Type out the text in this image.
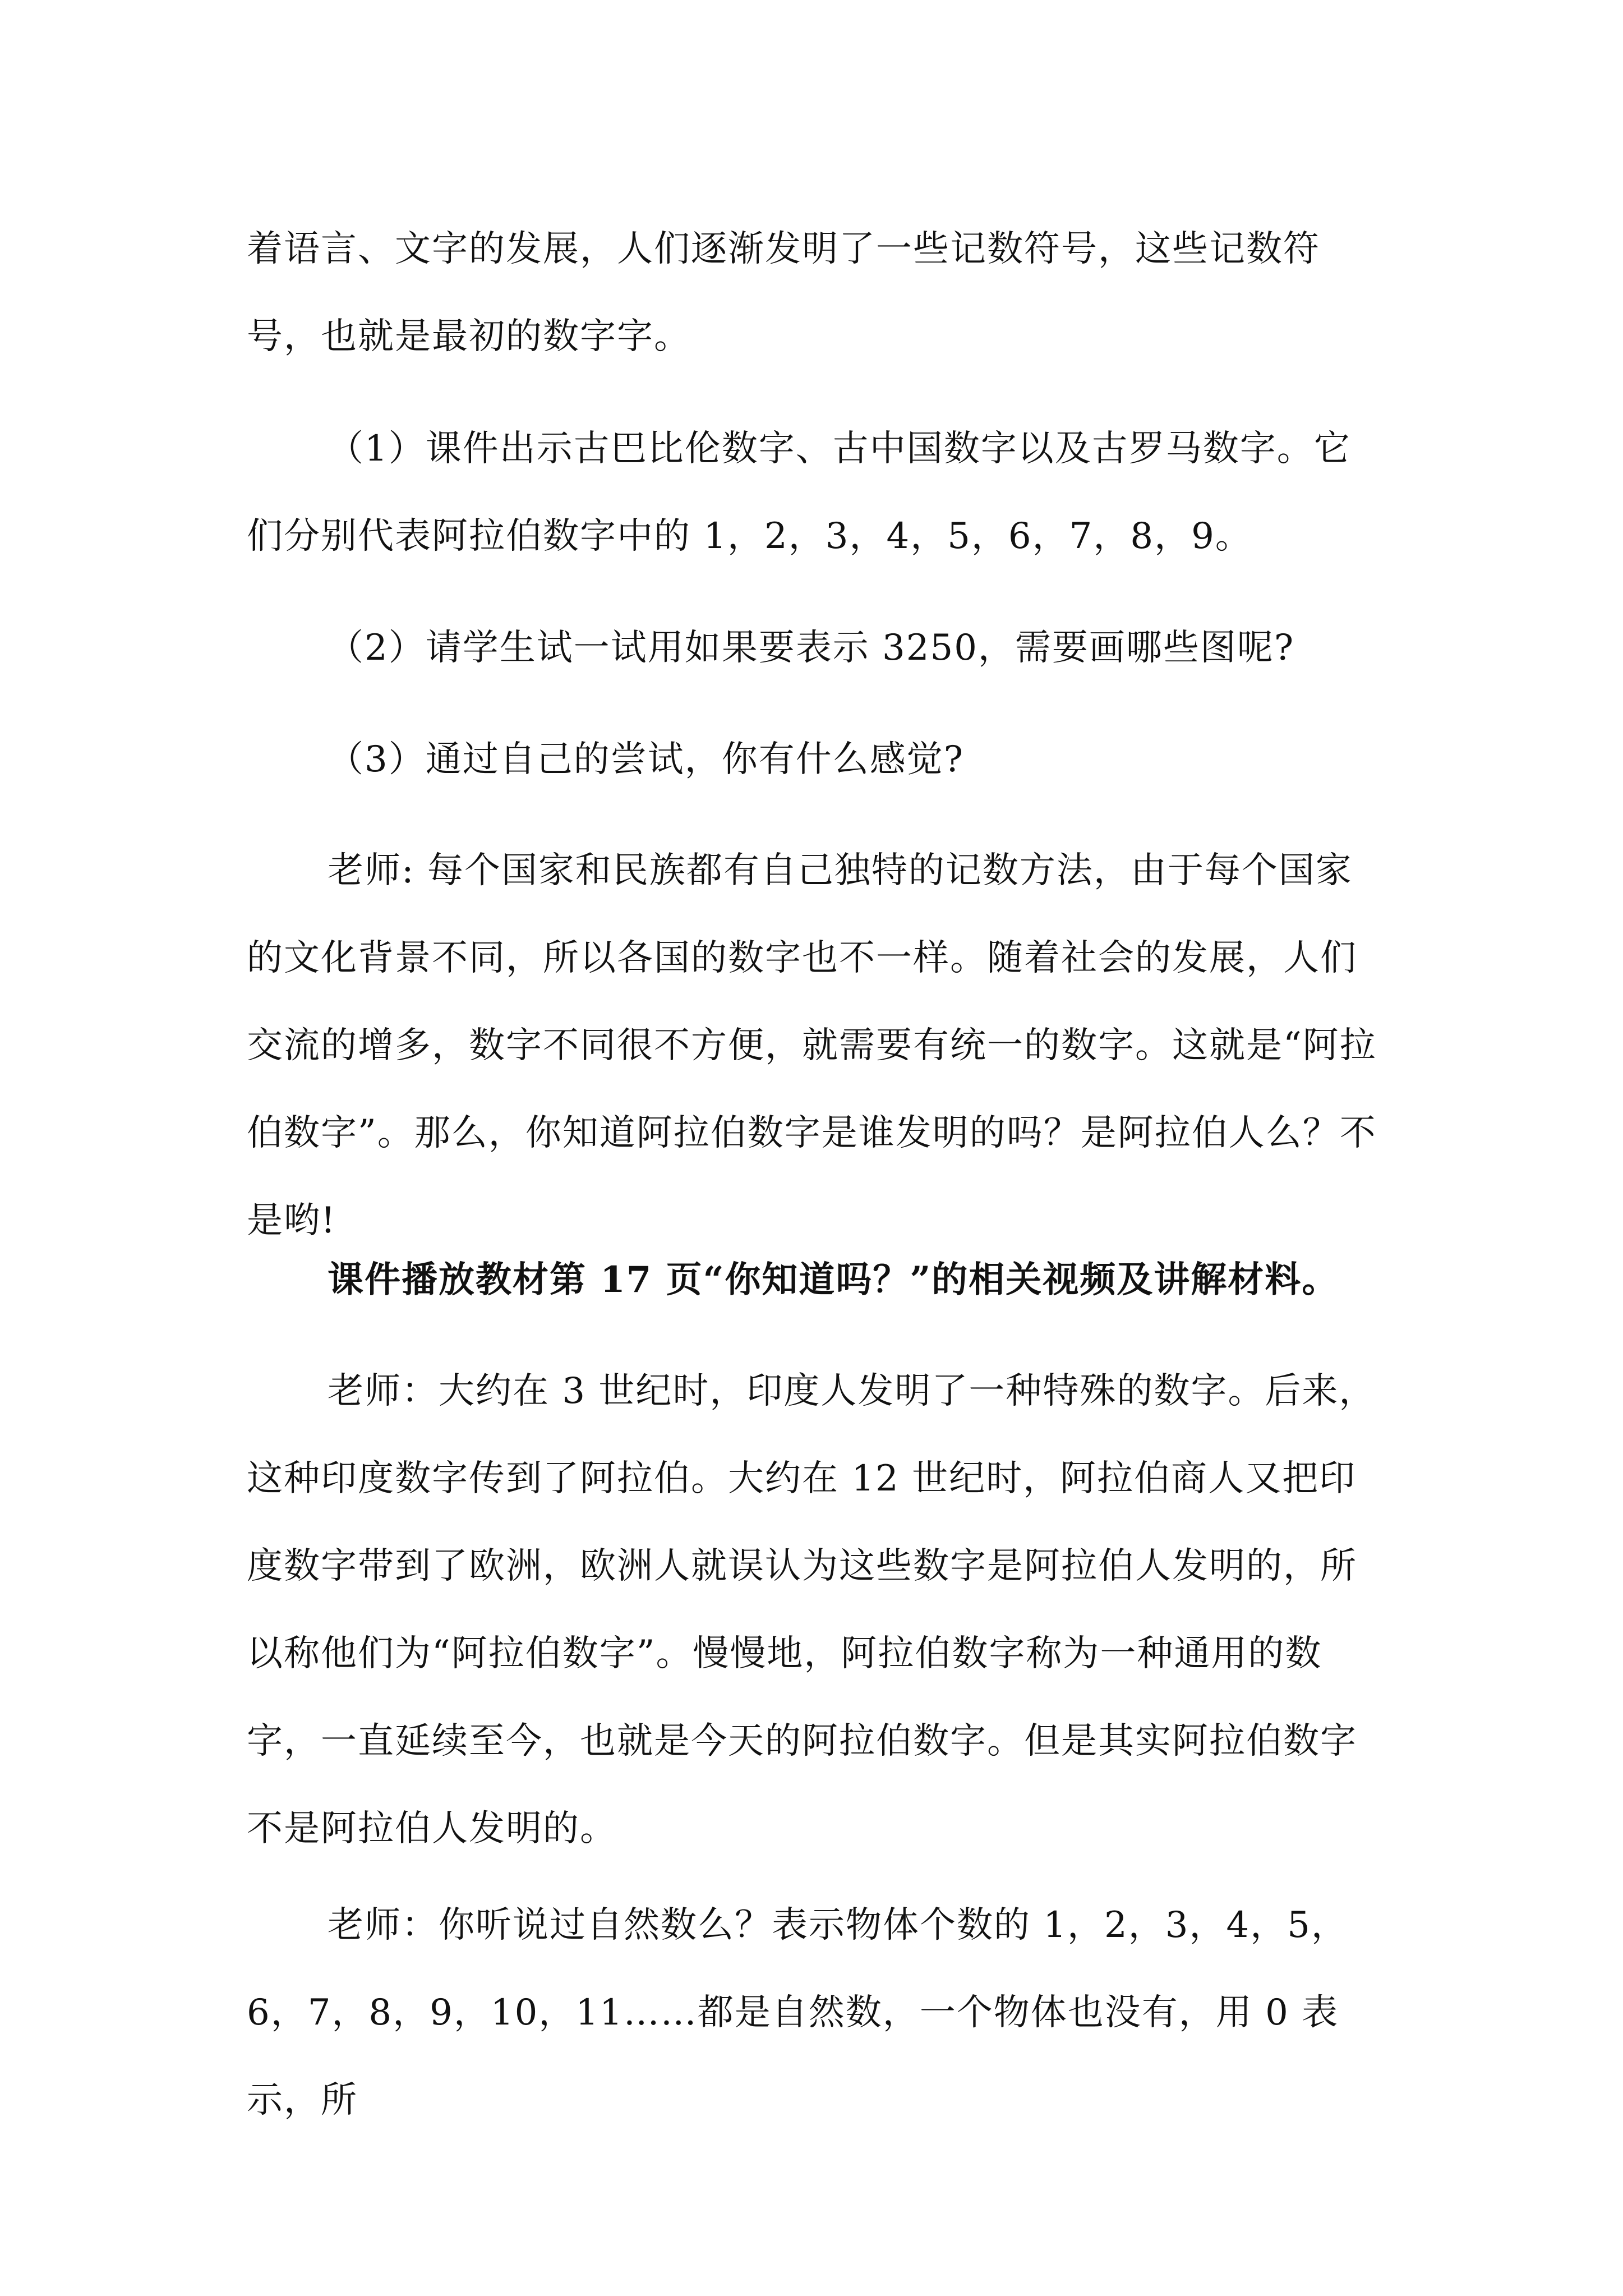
着语言、文字的发展，人们逐渐发明了一些记数符号，这些记数符号，也就是最初的数字字。

（1）课件出示古巴比伦数字、古中国数字以及古罗马数字。它们分别代表阿拉伯数字中的 1，2，3，4，5，6，7，8，9。

（2）请学生试一试用如果要表示 3250，需要画哪些图呢?

（3）通过自己的尝试，你有什么感觉?

老师: 每个国家和民族都有自己独特的记数方法，由于每个国家的文化背景不同，所以各国的数字也不一样。随着社会的发展，人们交流的增多，数字不同很不方便，就需要有统一的数字。这就是“阿拉伯数字”。那么，你知道阿拉伯数字是谁发明的吗？是阿拉伯人么？不是哟!

课件播放教材第 17 页“你知道吗？”的相关视频及讲解材料。

老师：大约在 3 世纪时，印度人发明了一种特殊的数字。后来，这种印度数字传到了阿拉伯。大约在 12 世纪时，阿拉伯商人又把印度数字带到了欧洲，欧洲人就误认为这些数字是阿拉伯人发明的，所以称他们为“阿拉伯数字”。慢慢地，阿拉伯数字称为一种通用的数字，一直延续至今，也就是今天的阿拉伯数字。但是其实阿拉伯数字不是阿拉伯人发明的。

老师：你听说过自然数么？表示物体个数的 1，2，3，4，5，6，7，8，9，10，11……都是自然数，一个物体也没有，用 0 表示，所
